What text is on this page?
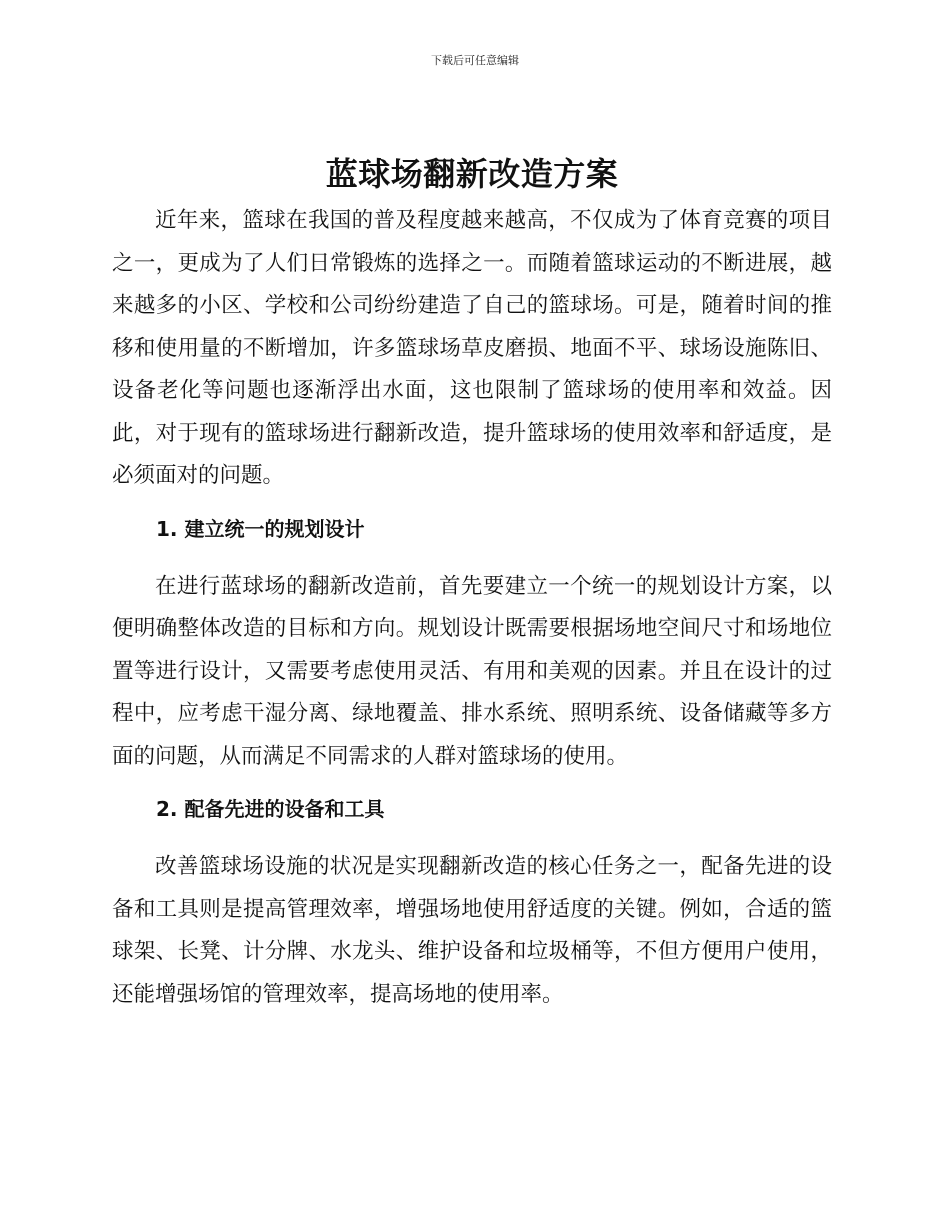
下载后可任意编辑
蓝球场翻新改造方案

近年来，篮球在我国的普及程度越来越高，不仅成为了体育竞赛的项目之一，更成为了人们日常锻炼的选择之一。而随着篮球运动的不断进展，越来越多的小区、学校和公司纷纷建造了自己的篮球场。可是，随着时间的推移和使用量的不断增加，许多篮球场草皮磨损、地面不平、球场设施陈旧、设备老化等问题也逐渐浮出水面，这也限制了篮球场的使用率和效益。因此，对于现有的篮球场进行翻新改造，提升篮球场的使用效率和舒适度，是必须面对的问题。

1. 建立统一的规划设计

在进行蓝球场的翻新改造前，首先要建立一个统一的规划设计方案，以便明确整体改造的目标和方向。规划设计既需要根据场地空间尺寸和场地位置等进行设计，又需要考虑使用灵活、有用和美观的因素。并且在设计的过程中，应考虑干湿分离、绿地覆盖、排水系统、照明系统、设备储藏等多方面的问题，从而满足不同需求的人群对篮球场的使用。

2. 配备先进的设备和工具

改善篮球场设施的状况是实现翻新改造的核心任务之一，配备先进的设备和工具则是提高管理效率，增强场地使用舒适度的关键。例如，合适的篮球架、长凳、计分牌、水龙头、维护设备和垃圾桶等，不但方便用户使用，还能增强场馆的管理效率，提高场地的使用率。
